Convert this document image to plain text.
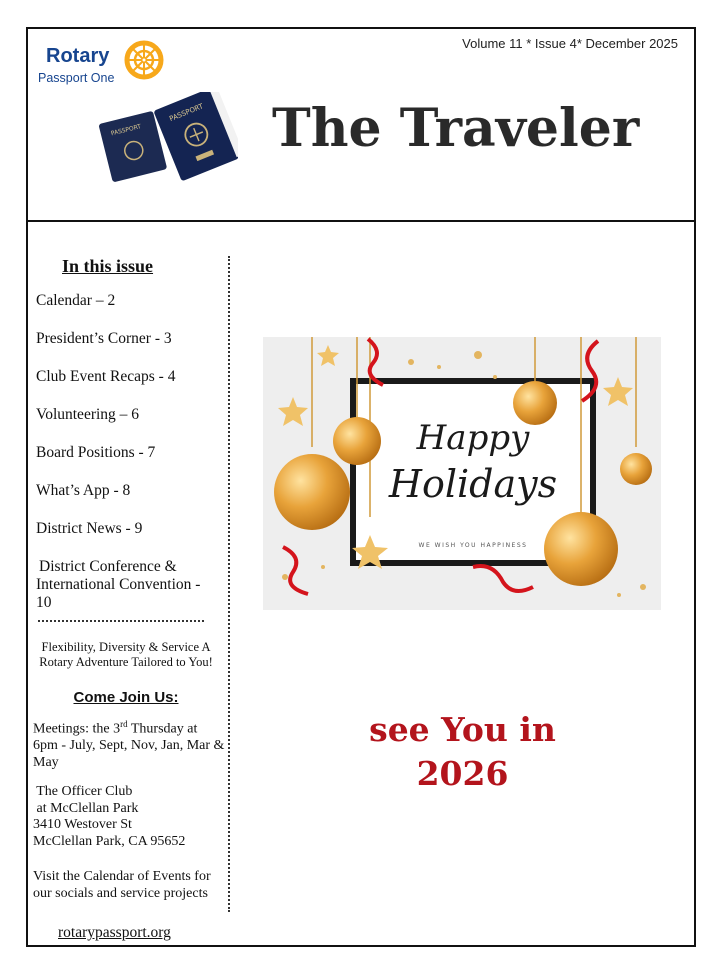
Volume 11 * Issue 4* December 2025
Rotary
Passport One
PASSPORT
PASSPORT The Traveler
In this issue
Calendar – 2
President’s Corner - 3
Club Event Recaps - 4
Volunteering – 6
Board Positions - 7
What’s App - 8
District News - 9
District Conference & International Convention - 10
Flexibility, Diversity & Service A Rotary Adventure Tailored to You!
Come Join Us:
Meetings: the 3rd Thursday at 6pm - July, Sept, Nov, Jan, Mar & May
The Officer Club
at McClellan Park
3410 Westover St
McClellan Park, CA 95652
Visit the Calendar of Events for our socials and service projects
rotarypassport.org
Happy
Holidays
WE WISH YOU HAPPINESS
see You in
2026
